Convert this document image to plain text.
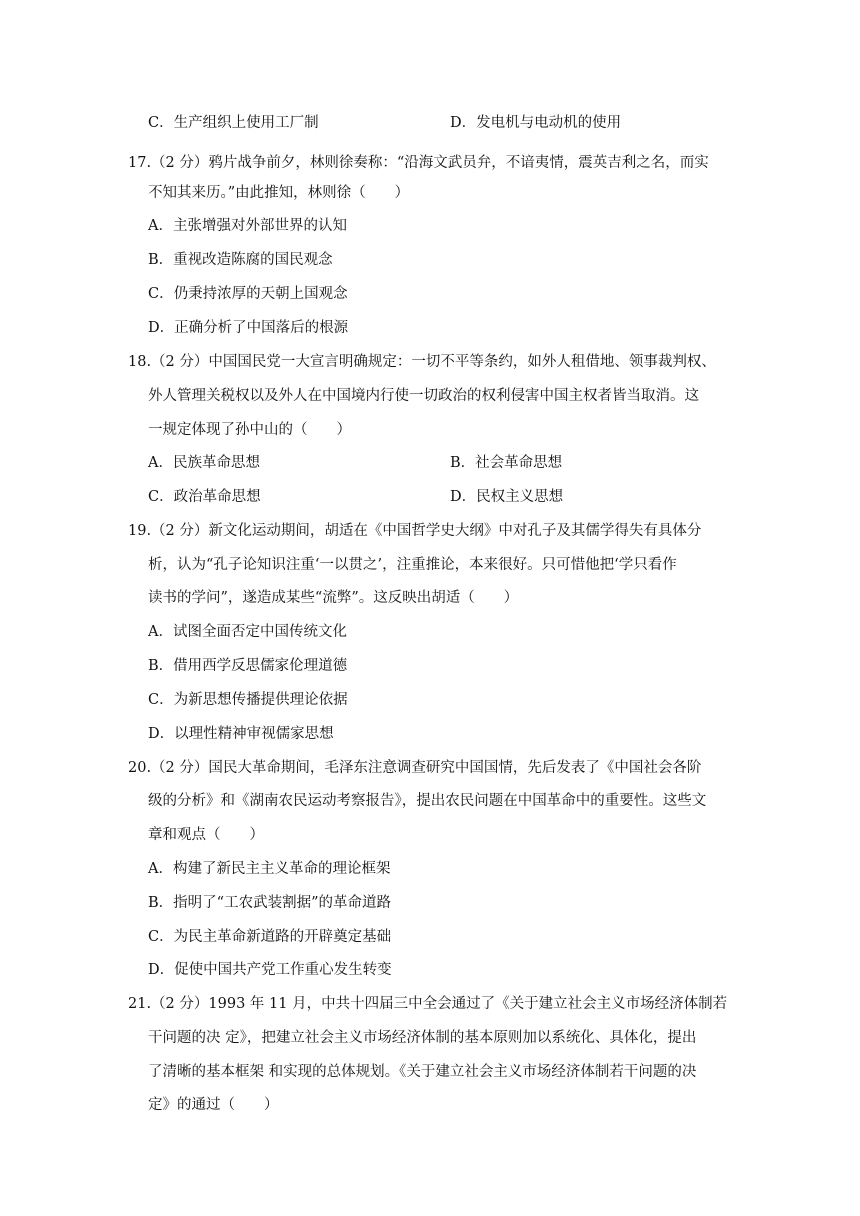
C．生产组织上使用工厂制	D．发电机与电动机的使用
17.（2 分）鸦片战争前夕，林则徐奏称：“沿海文武员弁，不谙夷情，震英吉利之名，而实
不知其来历。”由此推知，林则徐（　　）
A．主张增强对外部世界的认知
B．重视改造陈腐的国民观念
C．仍秉持浓厚的天朝上国观念
D．正确分析了中国落后的根源
18.（2 分）中国国民党一大宣言明确规定：一切不平等条约，如外人租借地、领事裁判权、
外人管理关税权以及外人在中国境内行使一切政治的权利侵害中国主权者皆当取消。这
一规定体现了孙中山的（　　）
A．民族革命思想	B．社会革命思想
C．政治革命思想	D．民权主义思想
19.（2 分）新文化运动期间，胡适在《中国哲学史大纲》中对孔子及其儒学得失有具体分
析，认为“孔子论知识注重‘一以贯之’，注重推论，本来很好。只可惜他把‘学只看作
读书的学问”，遂造成某些“流弊”。这反映出胡适（　　）
A．试图全面否定中国传统文化
B．借用西学反思儒家伦理道德
C．为新思想传播提供理论依据
D．以理性精神审视儒家思想
20.（2 分）国民大革命期间，毛泽东注意调查研究中国国情，先后发表了《中国社会各阶
级的分析》和《湖南农民运动考察报告》，提出农民问题在中国革命中的重要性。这些文
章和观点（　　）
A．构建了新民主主义革命的理论框架
B．指明了“工农武装割据”的革命道路
C．为民主革命新道路的开辟奠定基础
D．促使中国共产党工作重心发生转变
21.（2 分）1993 年 11 月，中共十四届三中全会通过了《关于建立社会主义市场经济体制若
干问题的决 定》，把建立社会主义市场经济体制的基本原则加以系统化、具体化，提出
了清晰的基本框架 和实现的总体规划。《关于建立社会主义市场经济体制若干问题的决
定》的通过（　　）
